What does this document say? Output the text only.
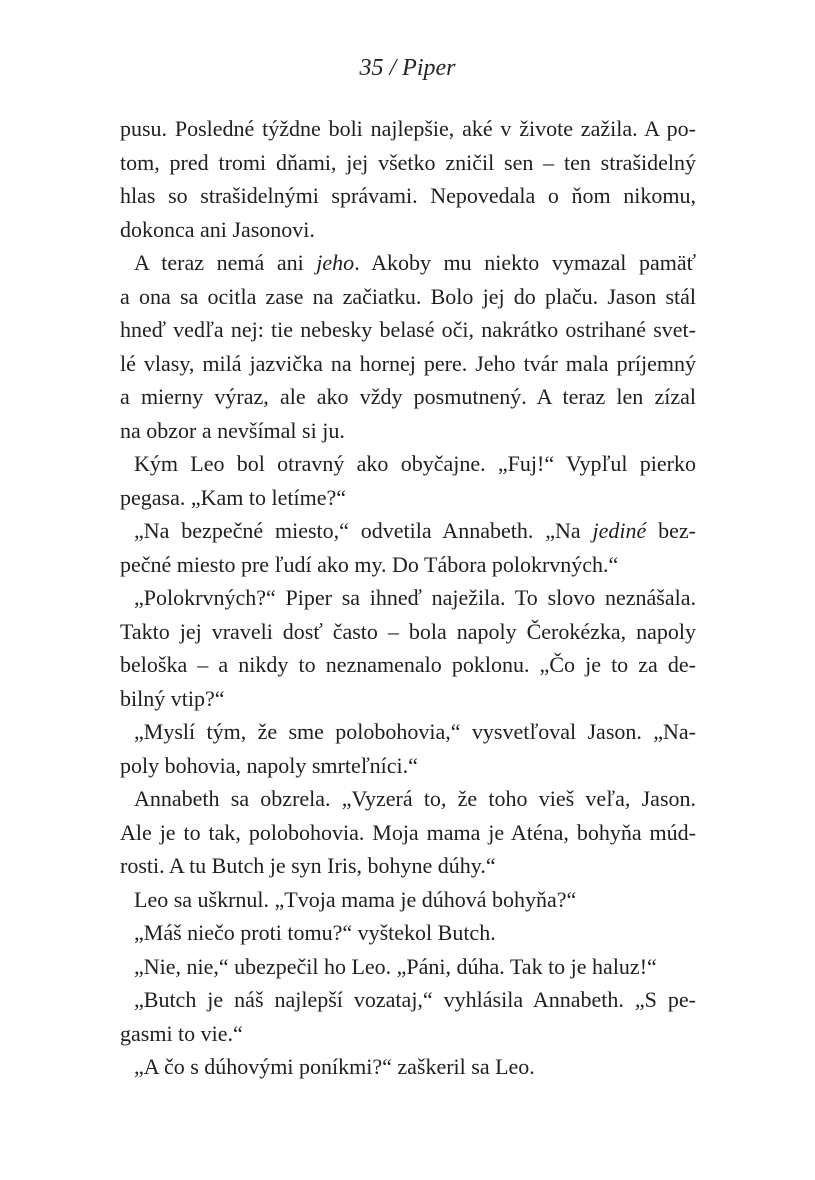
35 / Piper
pusu. Posledné týždne boli najlepšie, aké v živote zažila. A po-
tom, pred tromi dňami, jej všetko zničil sen – ten strašidelný
hlas so strašidelnými správami. Nepovedala o ňom nikomu,
dokonca ani Jasonovi.
A teraz nemá ani jeho. Akoby mu niekto vymazal pamäť
a ona sa ocitla zase na začiatku. Bolo jej do plaču. Jason stál
hneď vedľa nej: tie nebesky belasé oči, nakrátko ostrihané svet-
lé vlasy, milá jazvička na hornej pere. Jeho tvár mala príjemný
a mierny výraz, ale ako vždy posmutnený. A teraz len zízal
na obzor a nevšímal si ju.
Kým Leo bol otravný ako obyčajne. „Fuj!“ Vypľul pierko
pegasa. „Kam to letíme?“
„Na bezpečné miesto,“ odvetila Annabeth. „Na jediné bez-
pečné miesto pre ľudí ako my. Do Tábora polokrvných.“
„Polokrvných?“ Piper sa ihneď naježila. To slovo neznášala.
Takto jej vraveli dosť často – bola napoly Čerokézka, napoly
beloška – a nikdy to neznamenalo poklonu. „Čo je to za de-
bilný vtip?“
„Myslí tým, že sme polobohovia,“ vysvetľoval Jason. „Na-
poly bohovia, napoly smrteľníci.“
Annabeth sa obzrela. „Vyzerá to, že toho vieš veľa, Jason.
Ale je to tak, polobohovia. Moja mama je Aténa, bohyňa múd-
rosti. A tu Butch je syn Iris, bohyne dúhy.“
Leo sa uškrnul. „Tvoja mama je dúhová bohyňa?“
„Máš niečo proti tomu?“ vyštekol Butch.
„Nie, nie,“ ubezpečil ho Leo. „Páni, dúha. Tak to je haluz!“
„Butch je náš najlepší vozataj,“ vyhlásila Annabeth. „S pe-
gasmi to vie.“
„A čo s dúhovými poníkmi?“ zaškeril sa Leo.
